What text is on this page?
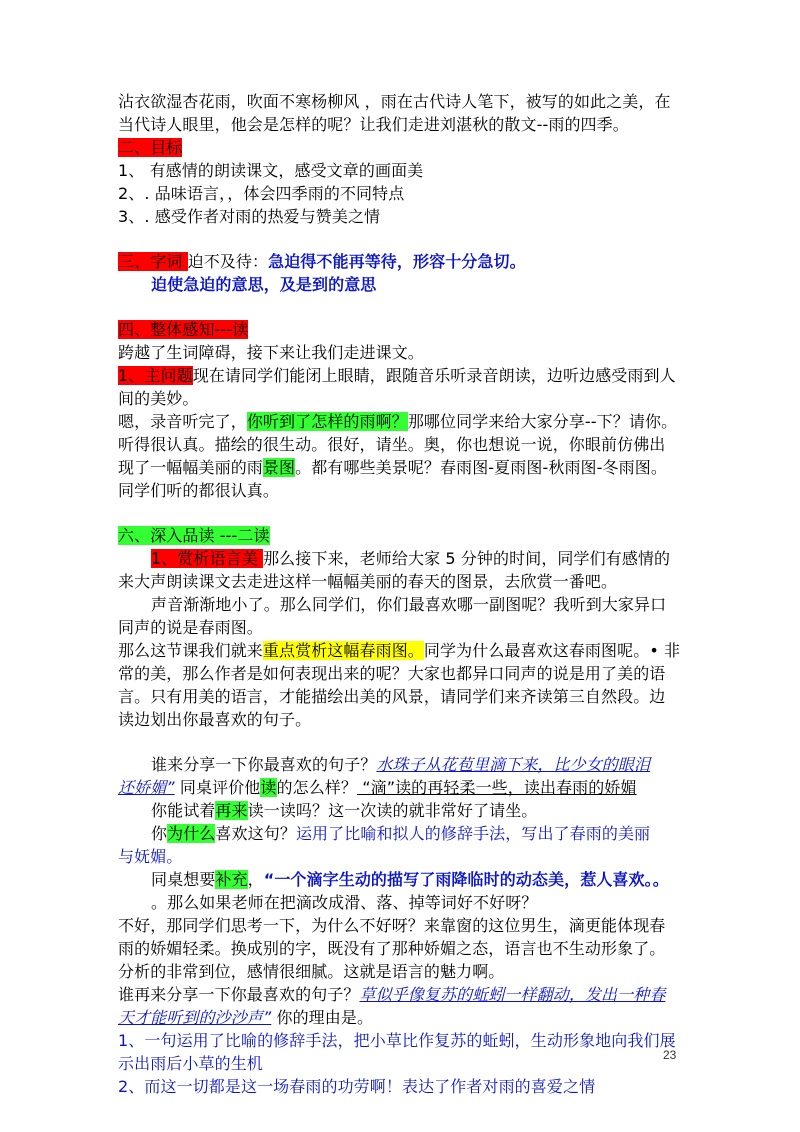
沾衣欲湿杏花雨，吹面不寒杨柳风 ，雨在古代诗人笔下，被写的如此之美，在
当代诗人眼里，他会是怎样的呢？让我们走进刘湛秋的散文--雨的四季。
二、目标
1、 有感情的朗读课文，感受文章的画面美
2、. 品味语言，，体会四季雨的不同特点
3、. 感受作者对雨的热爱与赞美之情
三、字词 迫不及待：急迫得不能再等待，形容十分急切。
迫使急迫的意思，及是到的意思
四、整体感知---读
跨越了生词障碍，接下来让我们走进课文。
1、主问题现在请同学们能闭上眼睛，跟随音乐听录音朗读，边听边感受雨到人
间的美妙。
嗯，录音听完了，你听到了怎样的雨啊？那哪位同学来给大家分享--下？请你。
听得很认真。描绘的很生动。很好，请坐。奥，你也想说一说，你眼前仿佛出
现了一幅幅美丽的雨景图。都有哪些美景呢？春雨图-夏雨图-秋雨图-冬雨图。
同学们听的都很认真。
六、深入品读 ---二读
1、赏析语言美 那么接下来，老师给大家 5 分钟的时间，同学们有感情的
来大声朗读课文去走进这样一幅幅美丽的春天的图景，去欣赏一番吧。
声音渐渐地小了。那么同学们，你们最喜欢哪一副图呢？我听到大家异口
同声的说是春雨图。
那么这节课我们就来重点赏析这幅春雨图。同学为什么最喜欢这春雨图呢。• 非
常的美，那么作者是如何表现出来的呢？大家也都异口同声的说是用了美的语
言。只有用美的语言，才能描绘出美的风景，请同学们来齐读第三自然段。边
读边划出你最喜欢的句子。
谁来分享一下你最喜欢的句子？水珠子从花苞里滴下来，比少女的眼泪
还娇媚” 同桌评价他读的怎么样？ “滴”读的再轻柔一些，读出春雨的娇媚
你能试着再来读一读吗？这一次读的就非常好了请坐。
你为什么喜欢这句？运用了比喻和拟人的修辞手法，写出了春雨的美丽
与妩媚。
同桌想要补充，“一个滴字生动的描写了雨降临时的动态美，惹人喜欢。。
。那么如果老师在把滴改成滑、落、掉等词好不好呀？
不好，那同学们思考一下，为什么不好呀？来靠窗的这位男生，滴更能体现春
雨的娇媚轻柔。换成别的字，既没有了那种娇媚之态，语言也不生动形象了。
分析的非常到位，感情很细腻。这就是语言的魅力啊。
谁再来分享一下你最喜欢的句子？草似乎像复苏的蚯蚓一样翻动，发出一种春
天才能听到的沙沙声” 你的理由是。
1、一句运用了比喻的修辞手法，把小草比作复苏的蚯蚓，生动形象地向我们展
示出雨后小草的生机
2、而这一切都是这一场春雨的功劳啊！表达了作者对雨的喜爱之情
23
